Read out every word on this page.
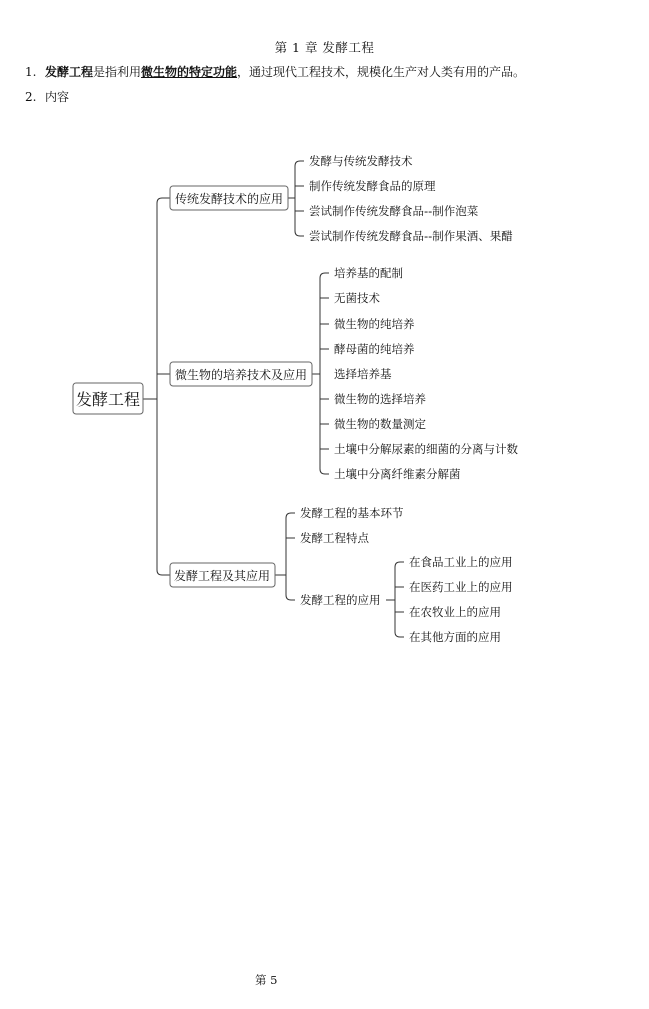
第 1 章 发酵工程
1. 发酵工程是指利用微生物的特定功能，通过现代工程技术，规模化生产对人类有用的产品。
2. 内容
发酵工程
传统发酵技术的应用
微生物的培养技术及应用
发酵工程及其应用
发酵与传统发酵技术
制作传统发酵食品的原理
尝试制作传统发酵食品--制作泡菜
尝试制作传统发酵食品--制作果酒、果醋
培养基的配制
无菌技术
微生物的纯培养
酵母菌的纯培养
选择培养基
微生物的选择培养
微生物的数量测定
土壤中分解尿素的细菌的分离与计数
土壤中分离纤维素分解菌
发酵工程的基本环节
发酵工程特点
发酵工程的应用
在食品工业上的应用
在医药工业上的应用
在农牧业上的应用
在其他方面的应用
第 5
